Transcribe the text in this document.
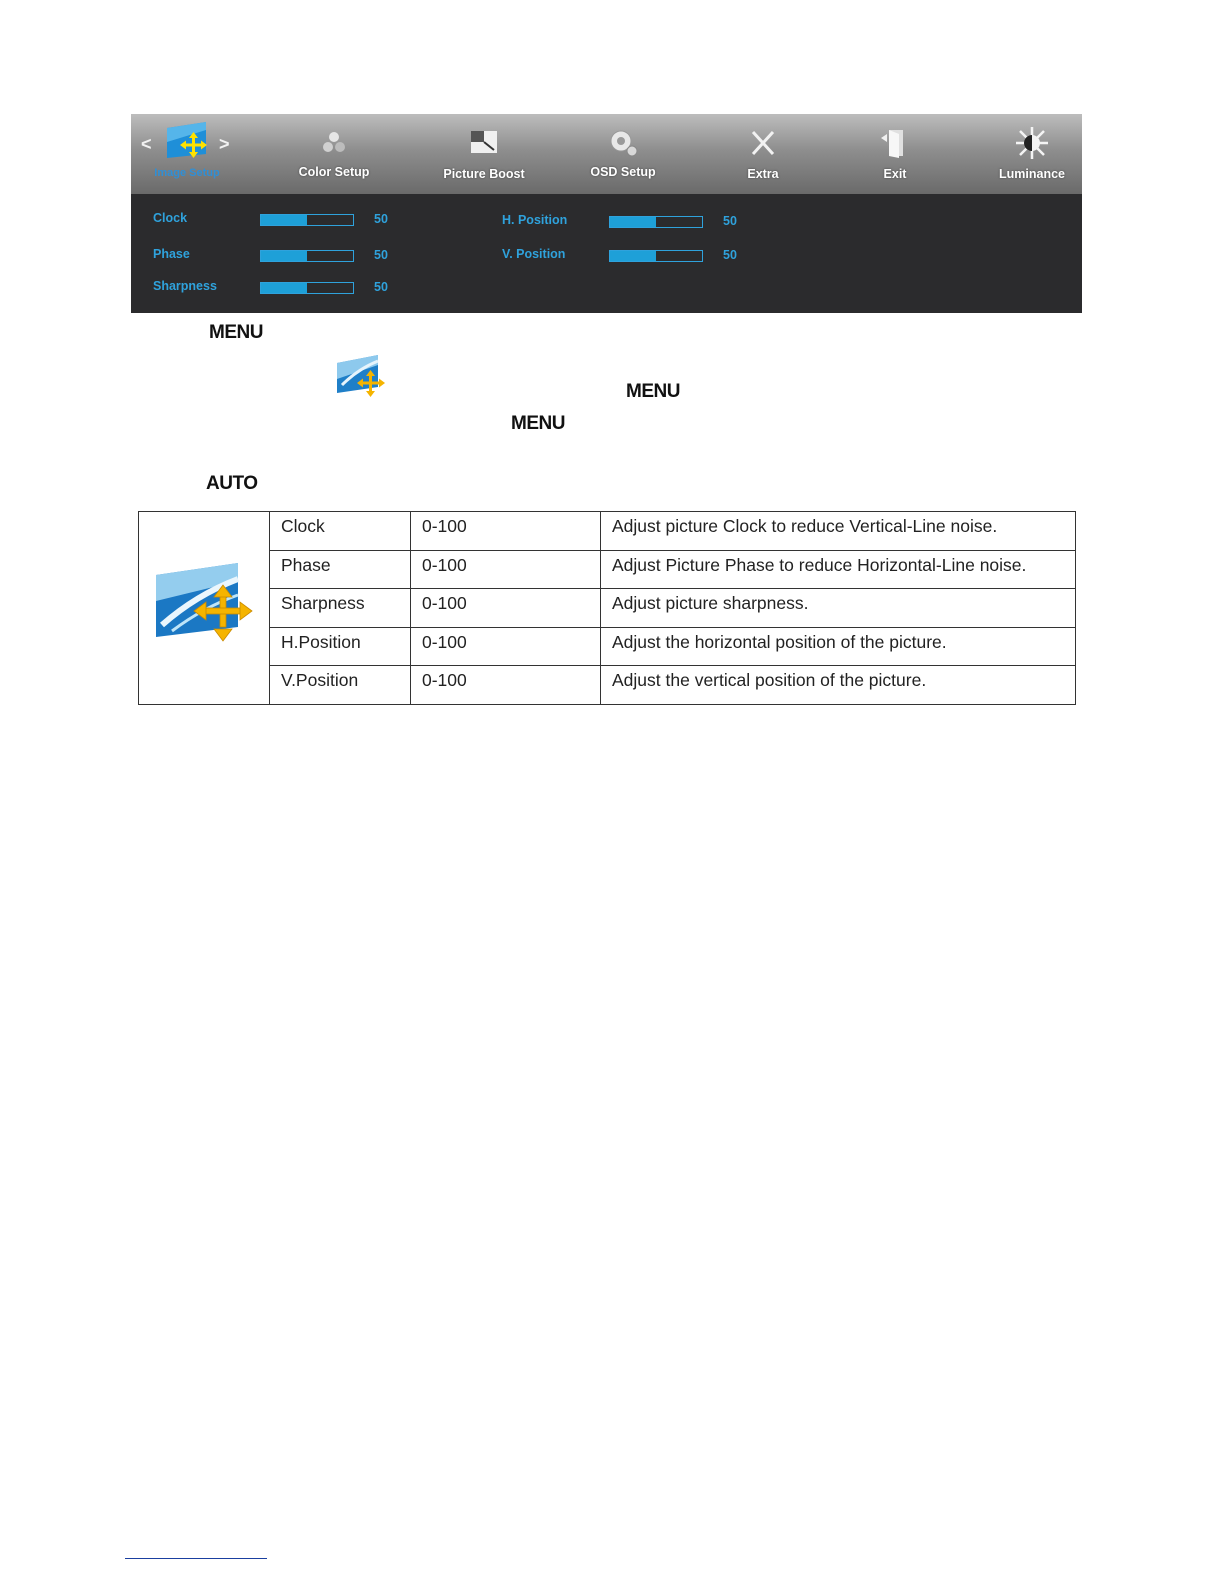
<	>
Image Setup	Color Setup	Picture Boost	OSD Setup	Extra	Exit	Luminance
Clock	50
Phase	50
Sharpness	50
H. Position	50
V. Position	50
MENU
MENU
MENU
AUTO
	Clock	0-100	Adjust picture Clock to reduce Vertical-Line noise.
	Phase	0-100	Adjust Picture Phase to reduce Horizontal-Line noise.
	Sharpness	0-100	Adjust picture sharpness.
	H.Position	0-100	Adjust the horizontal position of the picture.
	V.Position	0-100	Adjust the vertical position of the picture.
